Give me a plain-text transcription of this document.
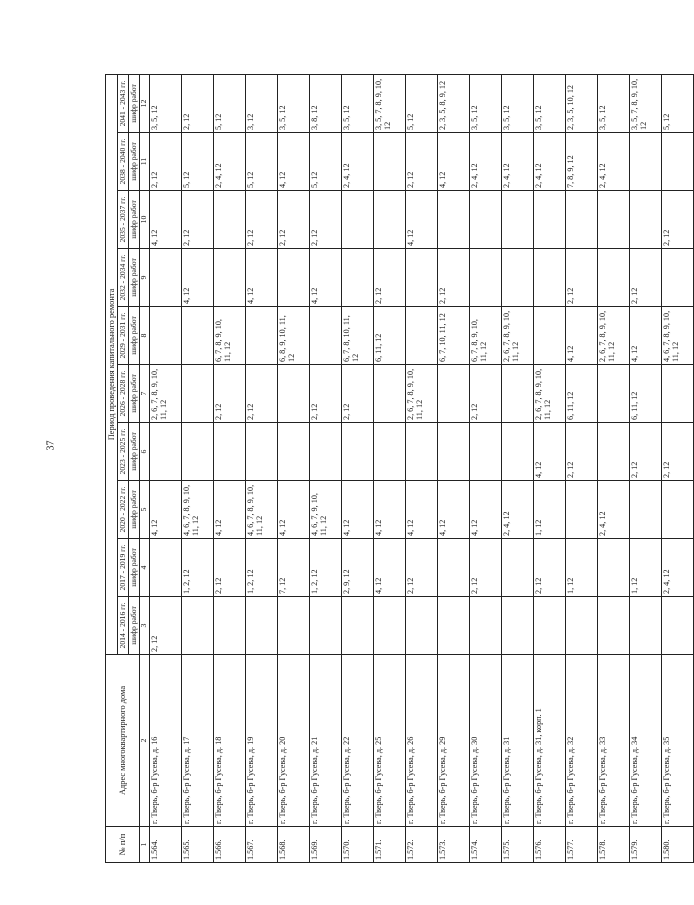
37
№ п/п	Адрес многоквартирного дома	Период проведения капитального ремонта									
		2014 - 2016 гг.	2017 - 2019 гг.	2020 - 2022 гг.	2023 - 2025 гг.	2026 - 2028 гг.	2029 - 2031 гг.	2032 - 2034 гг.	2035 - 2037 гг.	2038 - 2040 гг.	2041 - 2043 гг.
		шифр работ	шифр работ	шифр работ	шифр работ	шифр работ	шифр работ	шифр работ	шифр работ	шифр работ	шифр работ
1	2	3	4	5	6	7	8	9	10	11	12
1.564.	г. Тверь, б-р Гусева, д. 16	2, 12		4, 12		2, 6, 7, 8, 9, 10, 11, 12			4, 12	2, 12	3, 5, 12
1.565.	г. Тверь, б-р Гусева, д. 17		1, 2, 12	4, 6, 7, 8, 9, 10, 11, 12				4, 12	2, 12	5, 12	2, 12
1.566.	г. Тверь, б-р Гусева, д. 18		2, 12	4, 12		2, 12	6, 7, 8, 9, 10, 11, 12			2, 4, 12	5, 12
1.567.	г. Тверь, б-р Гусева, д. 19		1, 2, 12	4, 6, 7, 8, 9, 10, 11, 12		2, 12		4, 12	2, 12	5, 12	3, 12
1.568.	г. Тверь, б-р Гусева, д. 20		7, 12	4, 12			6, 8, 9, 10, 11, 12		2, 12	4, 12	3, 5, 12
1.569.	г. Тверь, б-р Гусева, д. 21		1, 2, 12	4, 6, 7, 9, 10, 11, 12		2, 12		4, 12	2, 12	5, 12	3, 8, 12
1.570.	г. Тверь, б-р Гусева, д. 22		2, 9, 12	4, 12		2, 12	6, 7, 8, 10, 11, 12			2, 4, 12	3, 5, 12
1.571.	г. Тверь, б-р Гусева, д. 25		4, 12	4, 12			6, 11, 12	2, 12			3, 5, 7, 8, 9, 10, 12
1.572.	г. Тверь, б-р Гусева, д. 26		2, 12	4, 12		2, 6, 7, 8, 9, 10, 11, 12			4, 12	2, 12	5, 12
1.573.	г. Тверь, б-р Гусева, д. 29			4, 12			6, 7, 10, 11, 12	2, 12		4, 12	2, 3, 5, 8, 9, 12
1.574.	г. Тверь, б-р Гусева, д. 30		2, 12	4, 12		2, 12	6, 7, 8, 9, 10, 11, 12			2, 4, 12	3, 5, 12
1.575.	г. Тверь, б-р Гусева, д. 31			2, 4, 12			2, 6, 7, 8, 9, 10, 11, 12			2, 4, 12	3, 5, 12
1.576.	г. Тверь, б-р Гусева, д. 31, корп. 1		2, 12	1, 12	4, 12	2, 6, 7, 8, 9, 10, 11, 12				2, 4, 12	3, 5, 12
1.577.	г. Тверь, б-р Гусева, д. 32		1, 12		2, 12	6, 11, 12	4, 12	2, 12		7, 8, 9, 12	2, 3, 5, 10, 12
1.578.	г. Тверь, б-р Гусева, д. 33			2, 4, 12			2, 6, 7, 8, 9, 10, 11, 12			2, 4, 12	3, 5, 12
1.579.	г. Тверь, б-р Гусева, д. 34		1, 12		2, 12	6, 11, 12	4, 12	2, 12			3, 5, 7, 8, 9, 10, 12
1.580.	г. Тверь, б-р Гусева, д. 35		2, 4, 12		2, 12		4, 6, 7, 8, 9, 10, 11, 12		2, 12		5, 12
